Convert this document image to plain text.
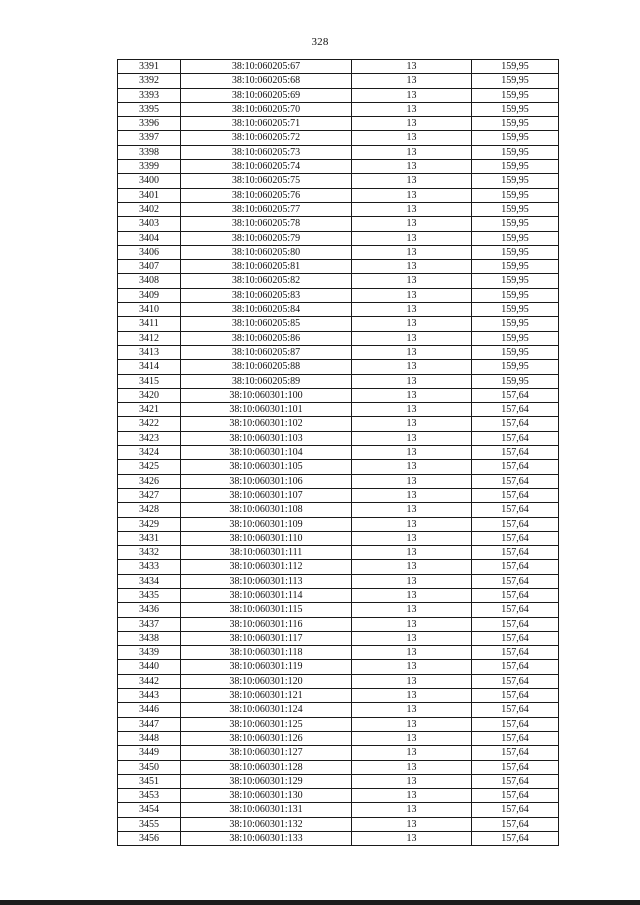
328
3391	38:10:060205:67	13	159,95
3392	38:10:060205:68	13	159,95
3393	38:10:060205:69	13	159,95
3395	38:10:060205:70	13	159,95
3396	38:10:060205:71	13	159,95
3397	38:10:060205:72	13	159,95
3398	38:10:060205:73	13	159,95
3399	38:10:060205:74	13	159,95
3400	38:10:060205:75	13	159,95
3401	38:10:060205:76	13	159,95
3402	38:10:060205:77	13	159,95
3403	38:10:060205:78	13	159,95
3404	38:10:060205:79	13	159,95
3406	38:10:060205:80	13	159,95
3407	38:10:060205:81	13	159,95
3408	38:10:060205:82	13	159,95
3409	38:10:060205:83	13	159,95
3410	38:10:060205:84	13	159,95
3411	38:10:060205:85	13	159,95
3412	38:10:060205:86	13	159,95
3413	38:10:060205:87	13	159,95
3414	38:10:060205:88	13	159,95
3415	38:10:060205:89	13	159,95
3420	38:10:060301:100	13	157,64
3421	38:10:060301:101	13	157,64
3422	38:10:060301:102	13	157,64
3423	38:10:060301:103	13	157,64
3424	38:10:060301:104	13	157,64
3425	38:10:060301:105	13	157,64
3426	38:10:060301:106	13	157,64
3427	38:10:060301:107	13	157,64
3428	38:10:060301:108	13	157,64
3429	38:10:060301:109	13	157,64
3431	38:10:060301:110	13	157,64
3432	38:10:060301:111	13	157,64
3433	38:10:060301:112	13	157,64
3434	38:10:060301:113	13	157,64
3435	38:10:060301:114	13	157,64
3436	38:10:060301:115	13	157,64
3437	38:10:060301:116	13	157,64
3438	38:10:060301:117	13	157,64
3439	38:10:060301:118	13	157,64
3440	38:10:060301:119	13	157,64
3442	38:10:060301:120	13	157,64
3443	38:10:060301:121	13	157,64
3446	38:10:060301:124	13	157,64
3447	38:10:060301:125	13	157,64
3448	38:10:060301:126	13	157,64
3449	38:10:060301:127	13	157,64
3450	38:10:060301:128	13	157,64
3451	38:10:060301:129	13	157,64
3453	38:10:060301:130	13	157,64
3454	38:10:060301:131	13	157,64
3455	38:10:060301:132	13	157,64
3456	38:10:060301:133	13	157,64
